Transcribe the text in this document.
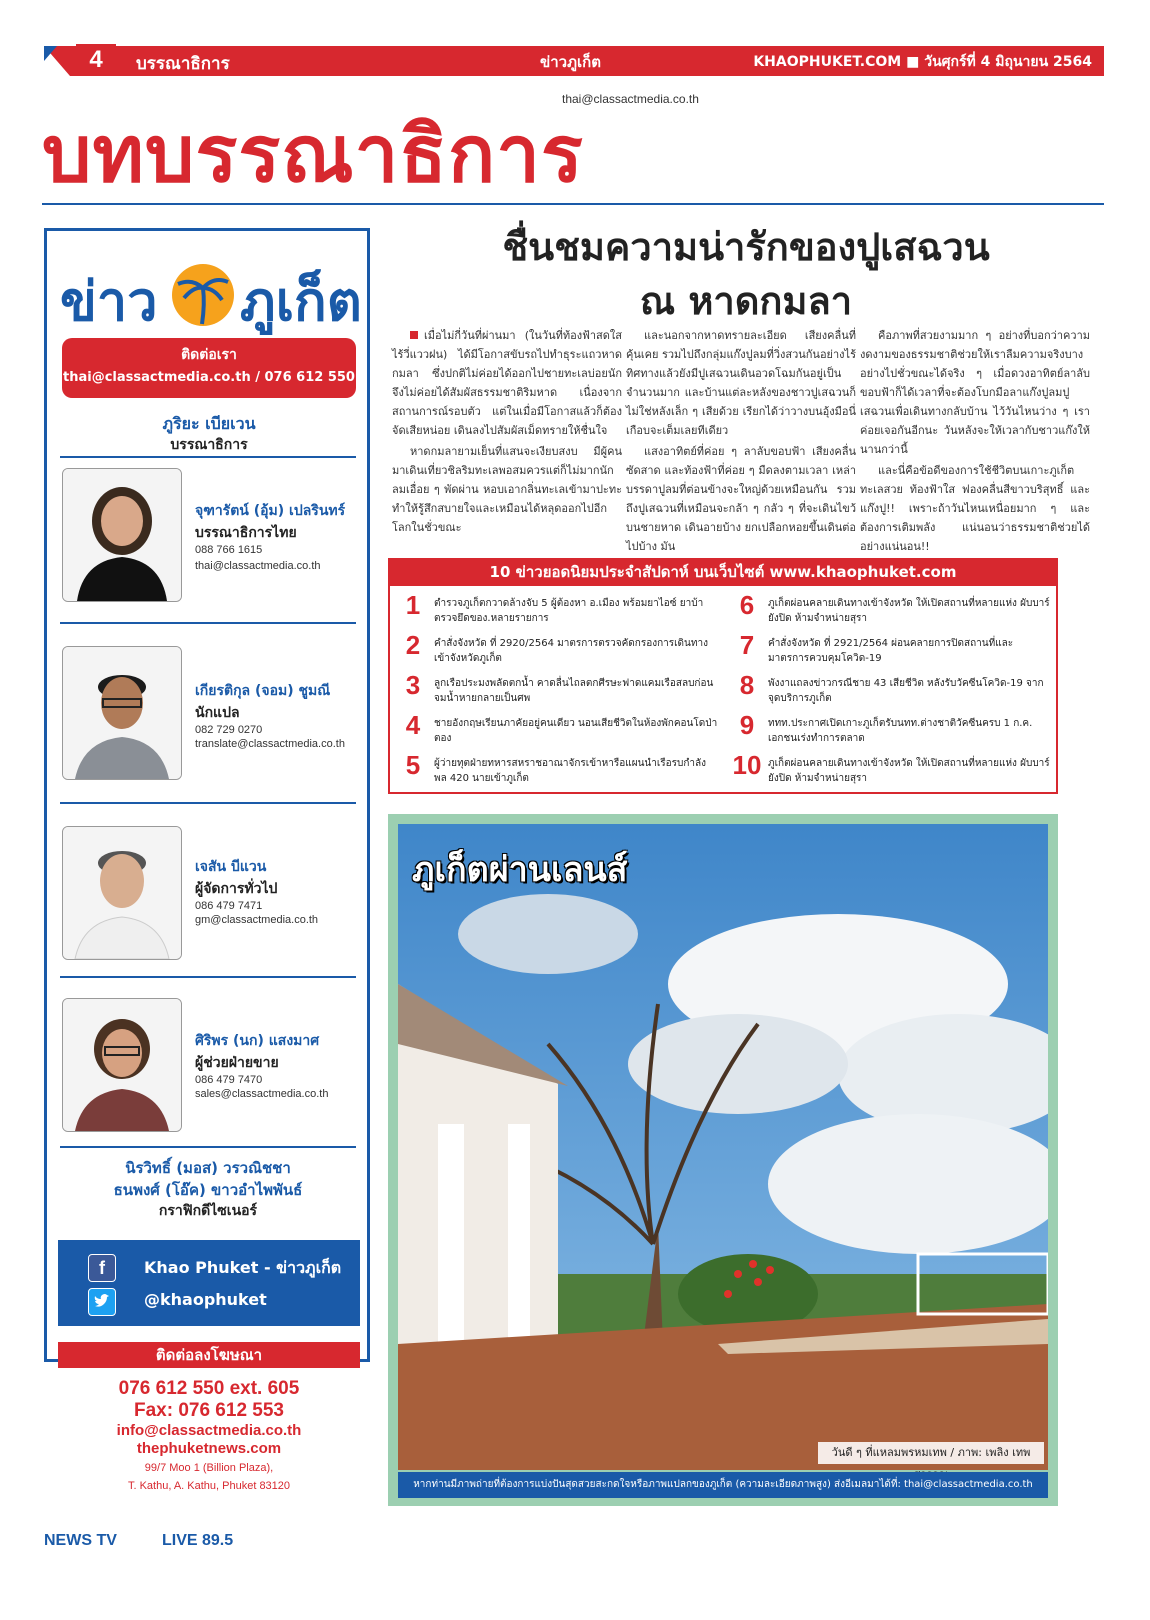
4	บรรณาธิการ	ข่าวภูเก็ต	KHAOPHUKET.COM ■ วันศุกร์ที่ 4 มิถุนายน 2564
thai@classactmedia.co.th
บทบรรณาธิการ
ข่าว ภูเก็ต
ติดต่อเรา
thai@classactmedia.co.th / 076 612 550
ภูริยะ เบียเวน
บรรณาธิการ
จุฑารัตน์ (อุ้ม) เปลรินทร์
บรรณาธิการไทย
088 766 1615
thai@classactmedia.co.th
เกียรติกุล (จอม) ชูมณี
นักแปล
082 729 0270
translate@classactmedia.co.th
เจสัน บีแวน
ผู้จัดการทั่วไป
086 479 7471
gm@classactmedia.co.th
ศิริพร (นก) แสงมาศ
ผู้ช่วยฝ่ายขาย
086 479 7470
sales@classactmedia.co.th
นิรวิทธิ์ (มอส) วรวณิชชา
ธนพงศ์ (โอ๊ค) ขาวอำไพพันธ์
กราฟิกดีไซเนอร์
f	Khao Phuket - ข่าวภูเก็ต
@khaophuket
ติดต่อลงโฆษณา
076 612 550 ext. 605
Fax: 076 612 553
info@classactmedia.co.th
thephuketnews.com
99/7 Moo 1 (Billion Plaza),
T. Kathu, A. Kathu, Phuket 83120
NEWS TV	LIVE 89.5
ชื่นชมความน่ารักของปูเสฉวน
ณ หาดกมลา

เมื่อไม่กี่วันที่ผ่านมา (ในวันที่ท้องฟ้าสดใสไร้วี่แววฝน) ได้มีโอกาสขับรถไปทำธุระแถวหาดกมลา ซึ่งปกติไม่ค่อยได้ออกไปชายทะเลบ่อยนัก จึงไม่ค่อยได้สัมผัสธรรมชาติริมหาด เนื่องจากสถานการณ์รอบตัว แต่ในเมื่อมีโอกาสแล้วก็ต้องจัดเสียหน่อย เดินลงไปสัมผัสเม็ดทรายให้ชื่นใจ

หาดกมลายามเย็นที่แสนจะเงียบสงบ มีผู้คนมาเดินเที่ยวชิลริมทะเลพอสมควรแต่ก็ไม่มากนัก ลมเอื่อย ๆ พัดผ่าน หอบเอากลิ่นทะเลเข้ามาปะทะ ทำให้รู้สึกสบายใจและเหมือนได้หลุดออกไปอีกโลกในชั่วขณะ

และนอกจากหาดทรายละเอียด เสียงคลื่นที่คุ้นเคย รวมไปถึงกลุ่มแก๊งปูลมที่วิ่งสวนกันอย่างไร้ทิศทางแล้วยังมีปูเสฉวนเดินอวดโฉมกันอยู่เป็นจำนวนมาก และบ้านแต่ละหลังของชาวปูเสฉวนก็ไม่ใช่หลังเล็ก ๆ เสียด้วย เรียกได้ว่าวางบนอุ้งมือนี่เกือบจะเต็มเลยทีเดียว

แสงอาทิตย์ที่ค่อย ๆ ลาลับขอบฟ้า เสียงคลื่นซัดสาด และท้องฟ้าที่ค่อย ๆ มืดลงตามเวลา เหล่าบรรดาปูลมที่ต่อนข้างจะใหญ่ด้วยเหมือนกัน รวมถึงปูเสฉวนที่เหมือนจะกล้า ๆ กลัว ๆ ที่จะเดินไขว้บนชายหาด เดินอายบ้าง ยกเปลือกหอยขึ้นเดินต่อไปบ้าง มัน

คือภาพที่สวยงามมาก ๆ อย่างที่บอกว่าความงดงามของธรรมชาติช่วยให้เราลืมความจริงบางอย่างไปชั่วขณะได้จริง ๆ เมื่อดวงอาทิตย์ลาลับขอบฟ้าก็ได้เวลาที่จะต้องโบกมือลาแก๊งปูลมปูเสฉวนเพื่อเดินทางกลับบ้าน ไว้วันไหนว่าง ๆ เราค่อยเจอกันอีกนะ วันหลังจะให้เวลากับชาวแก๊งให้นานกว่านี้

และนี่คือข้อดีของการใช้ชีวิตบนเกาะภูเก็ต ทะเลสวย ท้องฟ้าใส ฟองคลื่นสีขาวบริสุทธิ์ และแก๊งปู!! เพราะถ้าวันไหนเหนื่อยมาก ๆ และต้องการเติมพลัง แน่นอนว่าธรรมชาติช่วยได้อย่างแน่นอน!!

10 ข่าวยอดนิยมประจำสัปดาห์ บนเว็บไซต์ www.khaophuket.com
1	ตำรวจภูเก็ตกวาดล้างจับ 5 ผู้ต้องหา อ.เมือง พร้อมยาไอซ์ ยาบ้า ตรวจยึดของ.หลายรายการ
2	คำสั่งจังหวัด ที่ 2920/2564 มาตรการตรวจคัดกรองการเดินทางเข้าจังหวัดภูเก็ต
3	ลูกเรือประมงพลัดตกน้ำ คาดลื่นไถลตกศีรษะฟาดแคมเรือสลบก่อนจมน้ำหายกลายเป็นศพ
4	ชายอังกฤษเรียนภาคัยอยู่คนเดียว นอนเสียชีวิตในห้องพักคอนโดป่าตอง
5	ผู้ว่ายทุตฝ่ายทหารสหราชอาณาจักรเข้าหารือแผนนำเรือรบกำลังพล 420 นายเข้าภูเก็ต
6	ภูเก็ตผ่อนคลายเดินทางเข้าจังหวัด ให้เปิดสถานที่หลายแห่ง ผับบาร์ยังปิด ห้ามจำหน่ายสุรา
7	คำสั่งจังหวัด ที่ 2921/2564 ผ่อนคลายการปิดสถานที่และมาตรการควบคุมโควิด-19
8	พังงาแถลงข่าวกรณีชาย 43 เสียชีวิต หลังรับวัคซีนโควิด-19 จากจุดบริการภูเก็ต
9	ททท.ประกาศเปิดเกาะภูเก็ตรับนทท.ต่างชาติวัคซีนครบ 1 ก.ค. เอกชนเร่งทำการตลาด
10 ภูเก็ตผ่อนคลายเดินทางเข้าจังหวัด ให้เปิดสถานที่หลายแห่ง ผับบาร์ยังปิด ห้ามจำหน่ายสุรา
ภูเก็ตผ่านเลนส์
วันดี ๆ ที่แหลมพรหมเทพ / ภาพ: เพลิง เทพ
หากท่านมีภาพถ่ายที่ต้องการแบ่งปันสุดสวยสะกดใจหรือภาพแปลกของภูเก็ต (ความละเอียดภาพสูง) ส่งอีเมลมาได้ที่: thai@classactmedia.co.th
